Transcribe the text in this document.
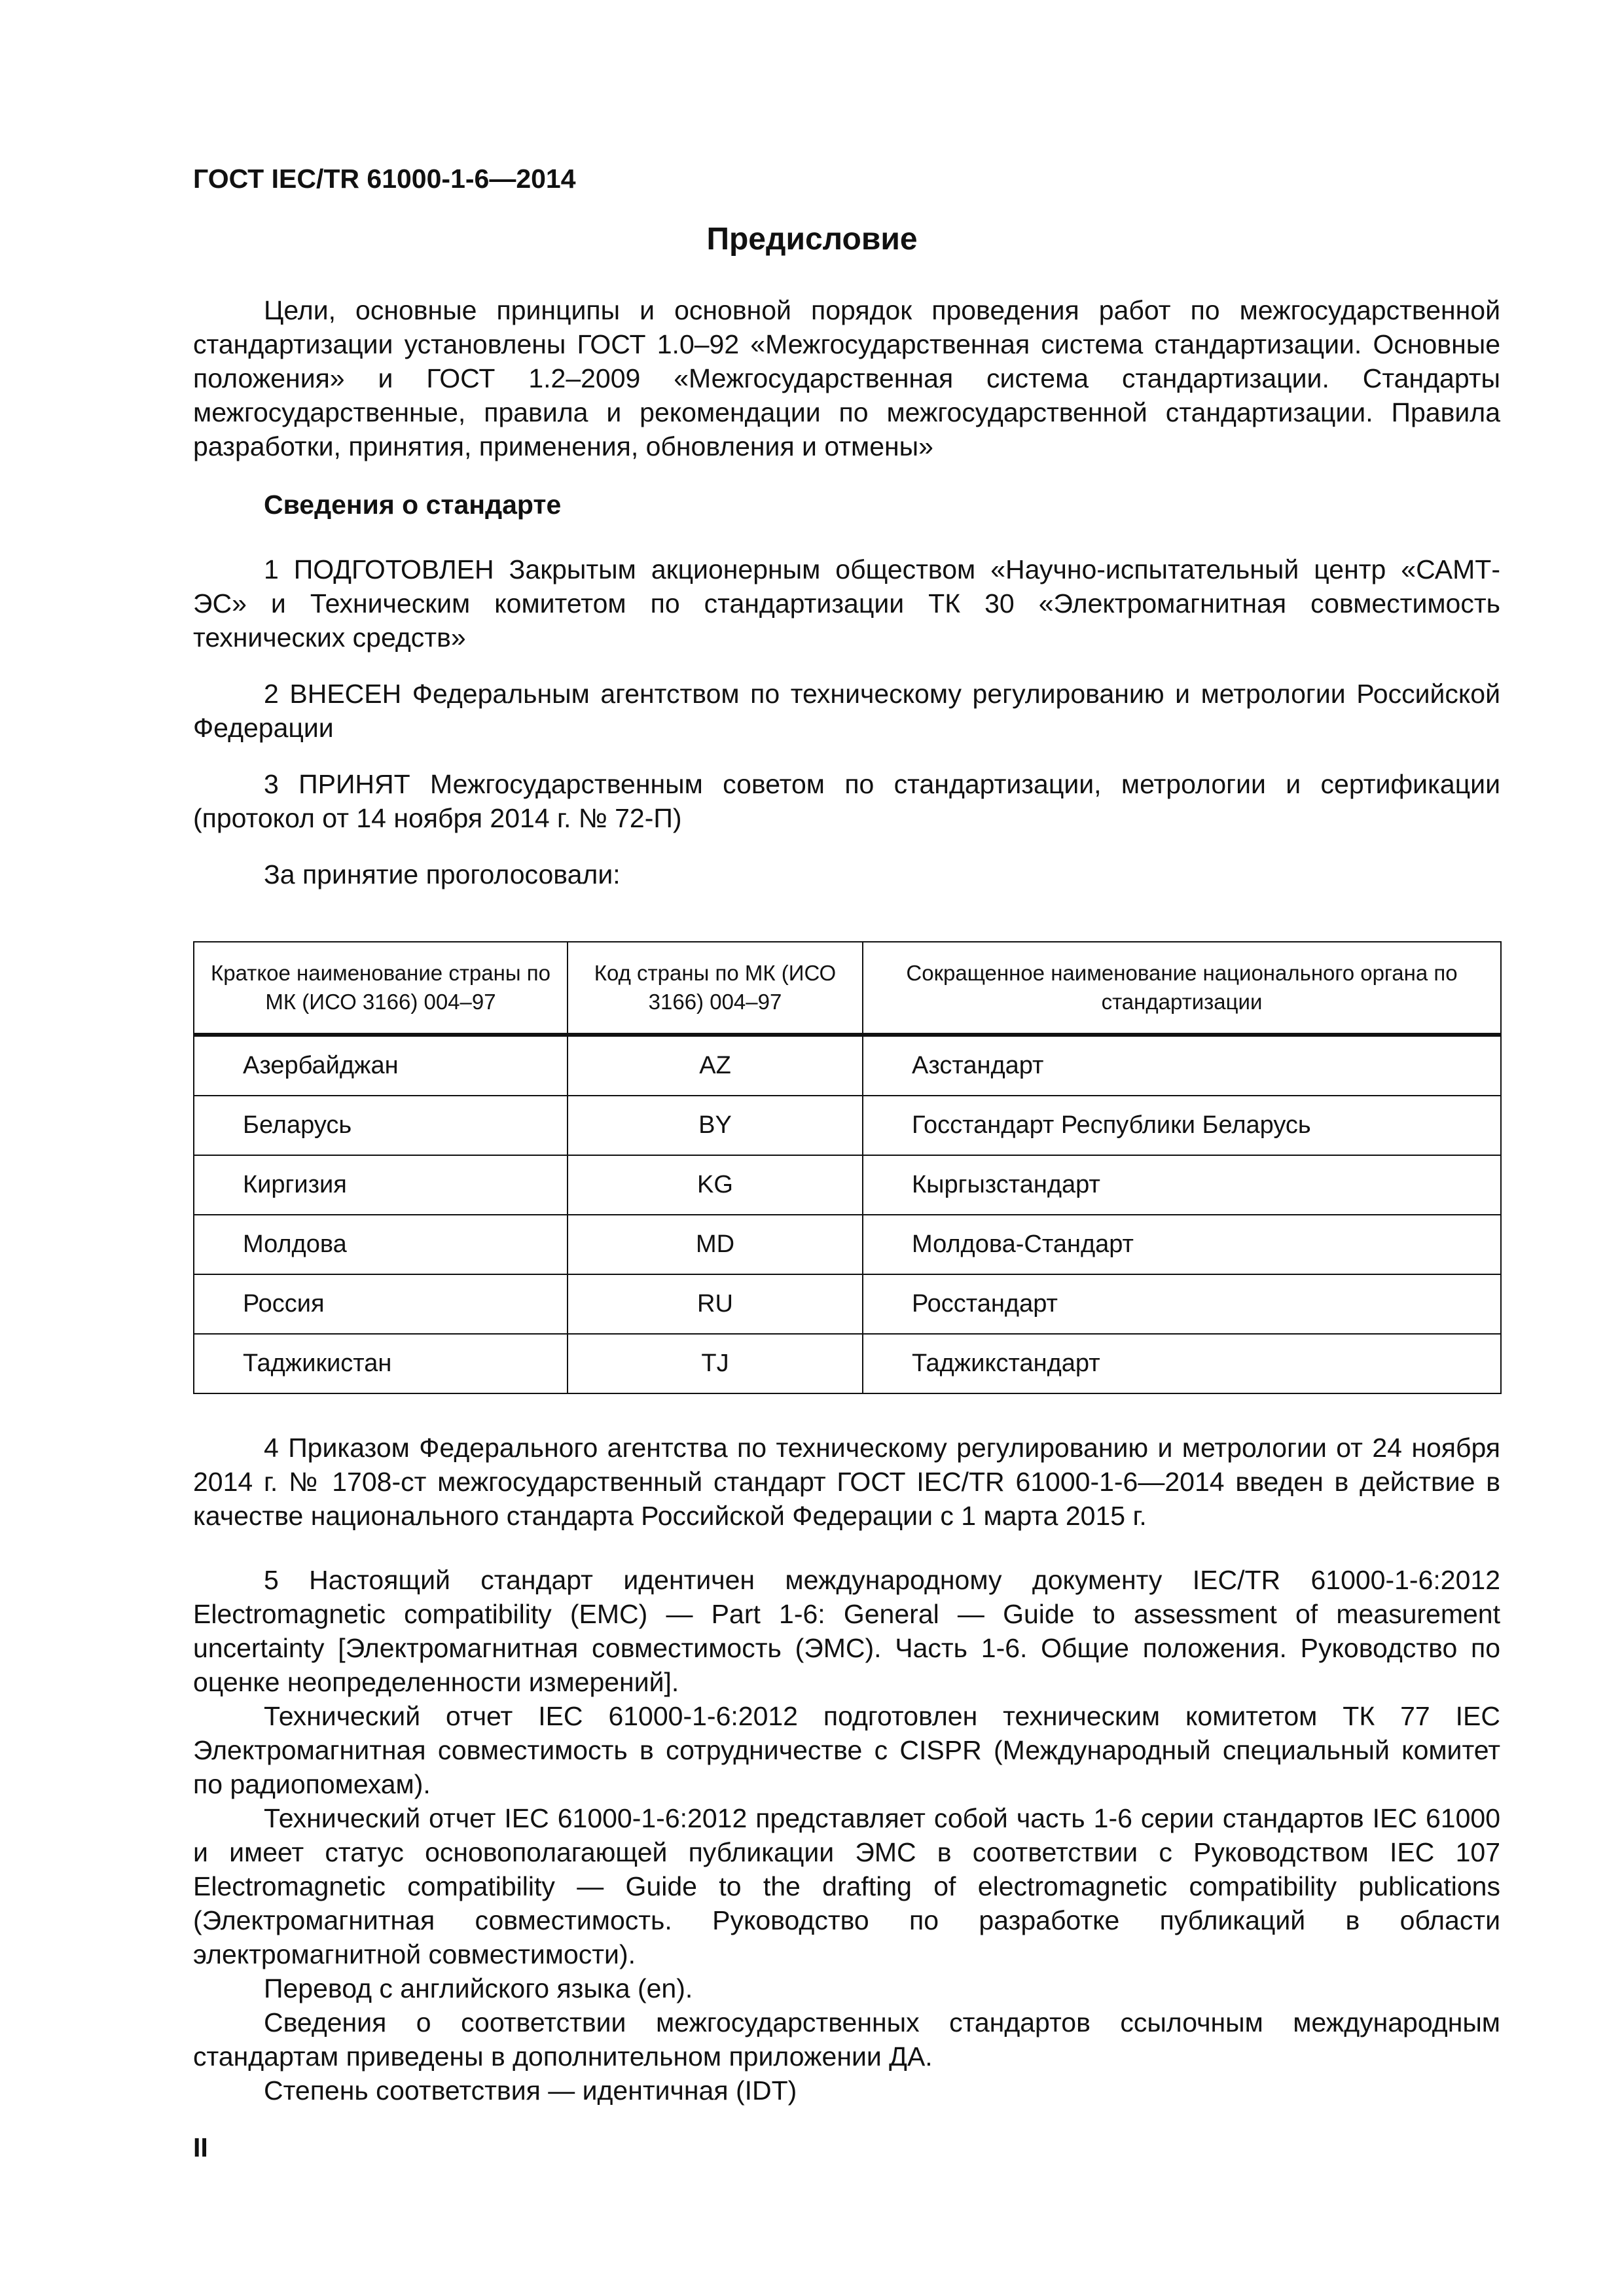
ГОСТ IEC/TR 61000-1-6—2014
Предисловие

Цели, основные принципы и основной порядок проведения работ по межгосударственной стандартизации установлены ГОСТ 1.0–92 «Межгосударственная система стандартизации. Основные положения» и ГОСТ 1.2–2009 «Межгосударственная система стандартизации. Стандарты межгосударственные, правила и рекомендации по межгосударственной стандартизации. Правила разработки, принятия, применения, обновления и отмены»

Сведения о стандарте

1 ПОДГОТОВЛЕН Закрытым акционерным обществом «Научно-испытательный центр «САМТ-ЭС» и Техническим комитетом по стандартизации ТК 30 «Электромагнитная совместимость технических средств»

2 ВНЕСЕН Федеральным агентством по техническому регулированию и метрологии Российской Федерации

3 ПРИНЯТ Межгосударственным советом по стандартизации, метрологии и сертификации (протокол от 14 ноября 2014 г. № 72-П)

За принятие проголосовали:

Краткое наименование страны по МК (ИСО 3166) 004–97	Код страны по МК (ИСО 3166) 004–97	Сокращенное наименование национального органа по стандартизации
Азербайджан	AZ	Азстандарт
Беларусь	BY	Госстандарт Республики Беларусь
Киргизия	KG	Кыргызстандарт
Молдова	MD	Молдова-Стандарт
Россия	RU	Росстандарт
Таджикистан	TJ	Таджикстандарт

4 Приказом Федерального агентства по техническому регулированию и метрологии от 24 ноября 2014 г. № 1708-ст межгосударственный стандарт ГОСТ IEC/TR 61000-1-6—2014 введен в действие в качестве национального стандарта Российской Федерации с 1 марта 2015 г.

5 Настоящий стандарт идентичен международному документу IEC/TR 61000-1-6:2012 Electromagnetic compatibility (EMC) — Part 1-6: General — Guide to assessment of measurement uncertainty [Электромагнитная совместимость (ЭМС). Часть 1-6. Общие положения. Руководство по оценке неопределенности измерений].

Технический отчет IEC 61000-1-6:2012 подготовлен техническим комитетом ТК 77 IEC Электромагнитная совместимость в сотрудничестве с CISPR (Международный специальный комитет по радиопомехам).

Технический отчет IEC 61000-1-6:2012 представляет собой часть 1-6 серии стандартов IEC 61000 и имеет статус основополагающей публикации ЭМС в соответствии с Руководством IEC 107 Electromagnetic compatibility — Guide to the drafting of electromagnetic compatibility publications (Электромагнитная совместимость. Руководство по разработке публикаций в области электромагнитной совместимости).

Перевод с английского языка (en).

Сведения о соответствии межгосударственных стандартов ссылочным международным стандартам приведены в дополнительном приложении ДА.

Степень соответствия — идентичная (IDT)

II
